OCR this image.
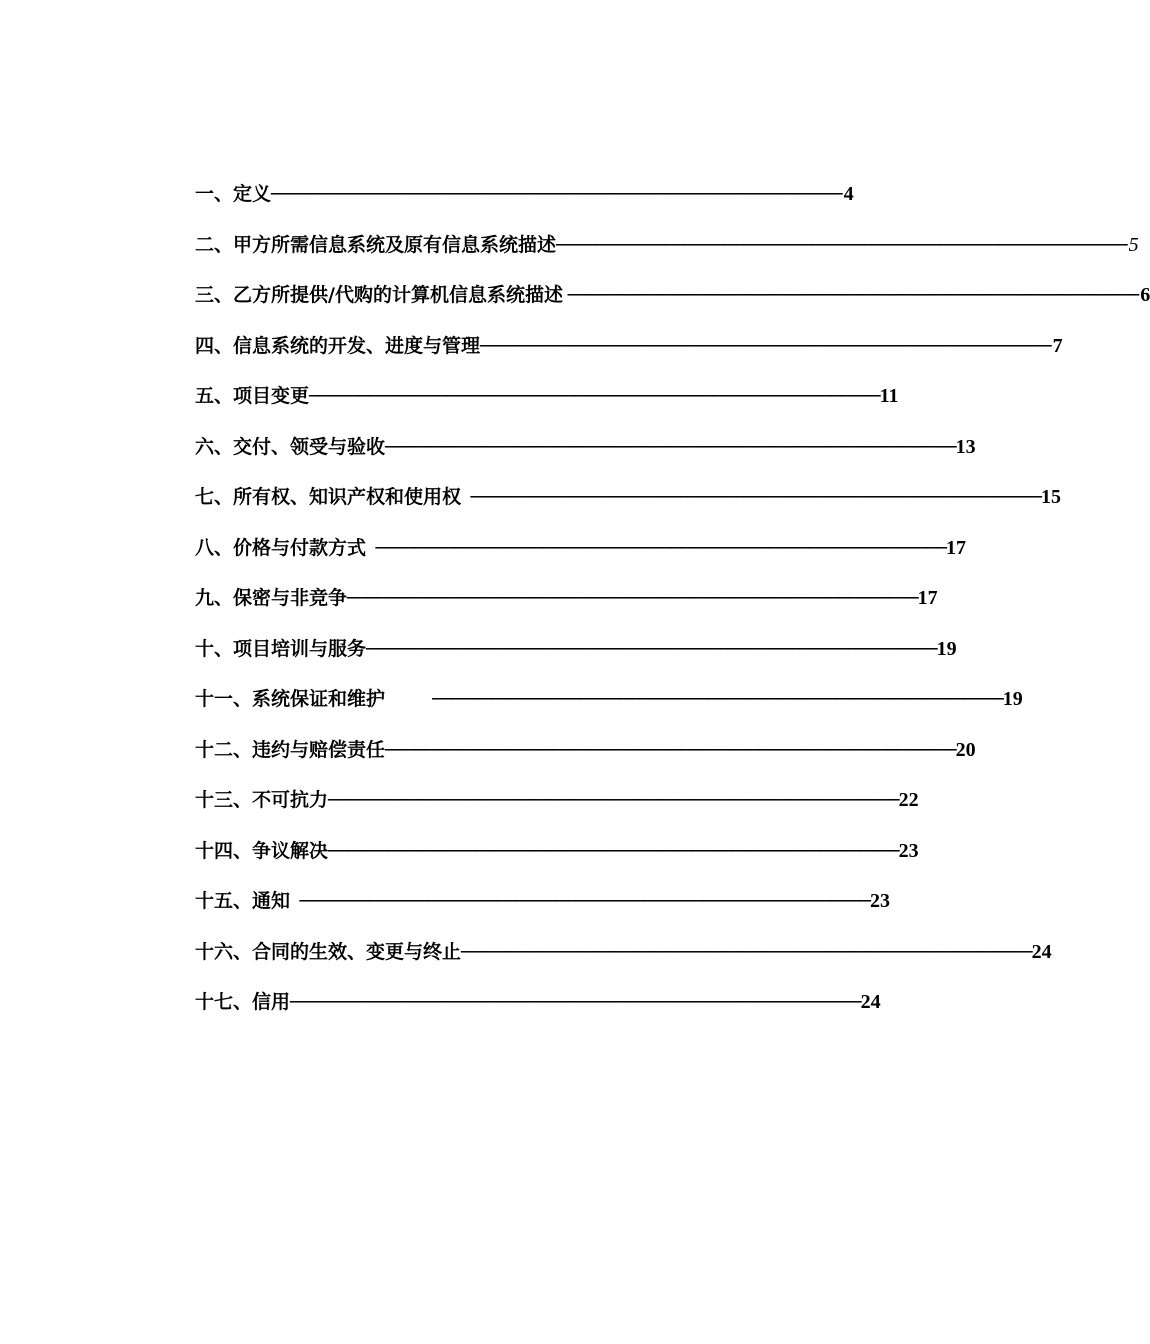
一、定义 ────────────────────────────────────────────────────────── 4
二、甲方所需信息系统及原有信息系统描述 ────────────────────────────────────────────────────────── 5
三、乙方所提供/代购的计算机信息系统描述 ────────────────────────────────────────────────────────── 6
四、信息系统的开发、进度与管理 ────────────────────────────────────────────────────────── 7
五、项目变更 ────────────────────────────────────────────────────────── 11
六、交付、领受与验收 ────────────────────────────────────────────────────────── 13
七、所有权、知识产权和使用权 ────────────────────────────────────────────────────────── 15
八、价格与付款方式 ────────────────────────────────────────────────────────── 17
九、保密与非竞争 ────────────────────────────────────────────────────────── 17
十、项目培训与服务 ────────────────────────────────────────────────────────── 19
十一、系统保证和维护 ────────────────────────────────────────────────────────── 19
十二、违约与赔偿责任 ────────────────────────────────────────────────────────── 20
十三、不可抗力 ────────────────────────────────────────────────────────── 22
十四、争议解决 ────────────────────────────────────────────────────────── 23
十五、通知 ────────────────────────────────────────────────────────── 23
十六、合同的生效、变更与终止 ────────────────────────────────────────────────────────── 24
十七、信用 ────────────────────────────────────────────────────────── 24
